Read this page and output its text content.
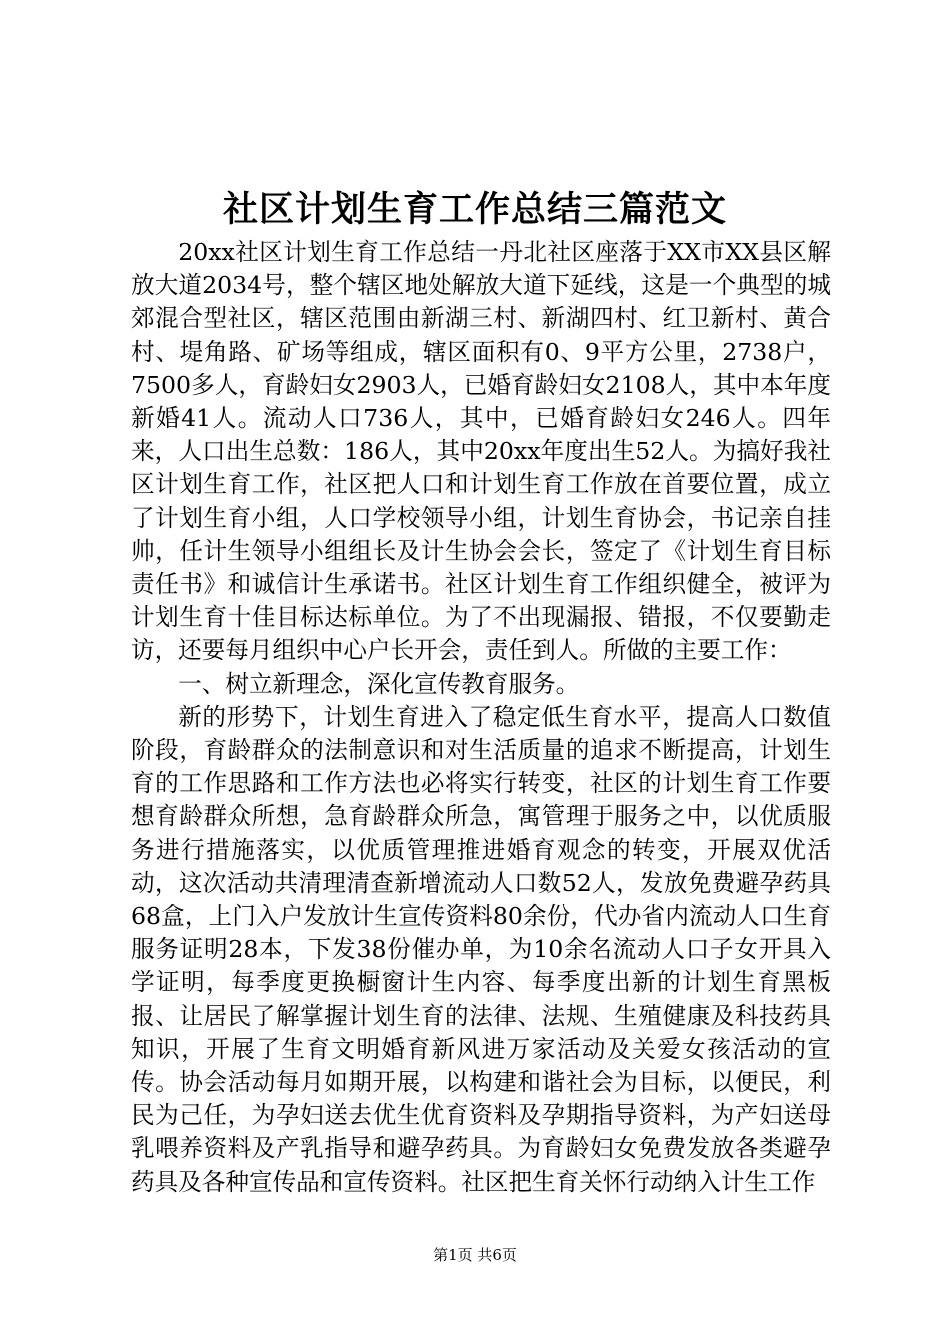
社区计划生育工作总结三篇范文

20xx社区计划生育工作总结一丹北社区座落于XX市XX县区解放大道2034号，整个辖区地处解放大道下延线，这是一个典型的城郊混合型社区，辖区范围由新湖三村、新湖四村、红卫新村、黄合村、堤角路、矿场等组成，辖区面积有0、9平方公里，2738户，7500多人，育龄妇女2903人，已婚育龄妇女2108人，其中本年度新婚41人。流动人口736人，其中，已婚育龄妇女246人。四年来，人口出生总数：186人，其中20xx年度出生52人。为搞好我社区计划生育工作，社区把人口和计划生育工作放在首要位置，成立了计划生育小组，人口学校领导小组，计划生育协会，书记亲自挂帅，任计生领导小组组长及计生协会会长，签定了《计划生育目标责任书》和诚信计生承诺书。社区计划生育工作组织健全，被评为计划生育十佳目标达标单位。为了不出现漏报、错报，不仅要勤走访，还要每月组织中心户长开会，责任到人。所做的主要工作：

一、树立新理念，深化宣传教育服务。

新的形势下，计划生育进入了稳定低生育水平，提高人口数值阶段，育龄群众的法制意识和对生活质量的追求不断提高，计划生育的工作思路和工作方法也必将实行转变，社区的计划生育工作要想育龄群众所想，急育龄群众所急，寓管理于服务之中，以优质服务进行措施落实，以优质管理推进婚育观念的转变，开展双优活动，这次活动共清理清查新增流动人口数52人，发放免费避孕药具68盒，上门入户发放计生宣传资料80余份，代办省内流动人口生育服务证明28本，下发38份催办单，为10余名流动人口子女开具入学证明，每季度更换橱窗计生内容、每季度出新的计划生育黑板报、让居民了解掌握计划生育的法律、法规、生殖健康及科技药具知识，开展了生育文明婚育新风进万家活动及关爱女孩活动的宣传。协会活动每月如期开展，以构建和谐社会为目标，以便民，利民为己任，为孕妇送去优生优育资料及孕期指导资料，为产妇送母乳喂养资料及产乳指导和避孕药具。为育龄妇女免费发放各类避孕药具及各种宣传品和宣传资料。社区把生育关怀行动纳入计生工作

第1页 共6页
